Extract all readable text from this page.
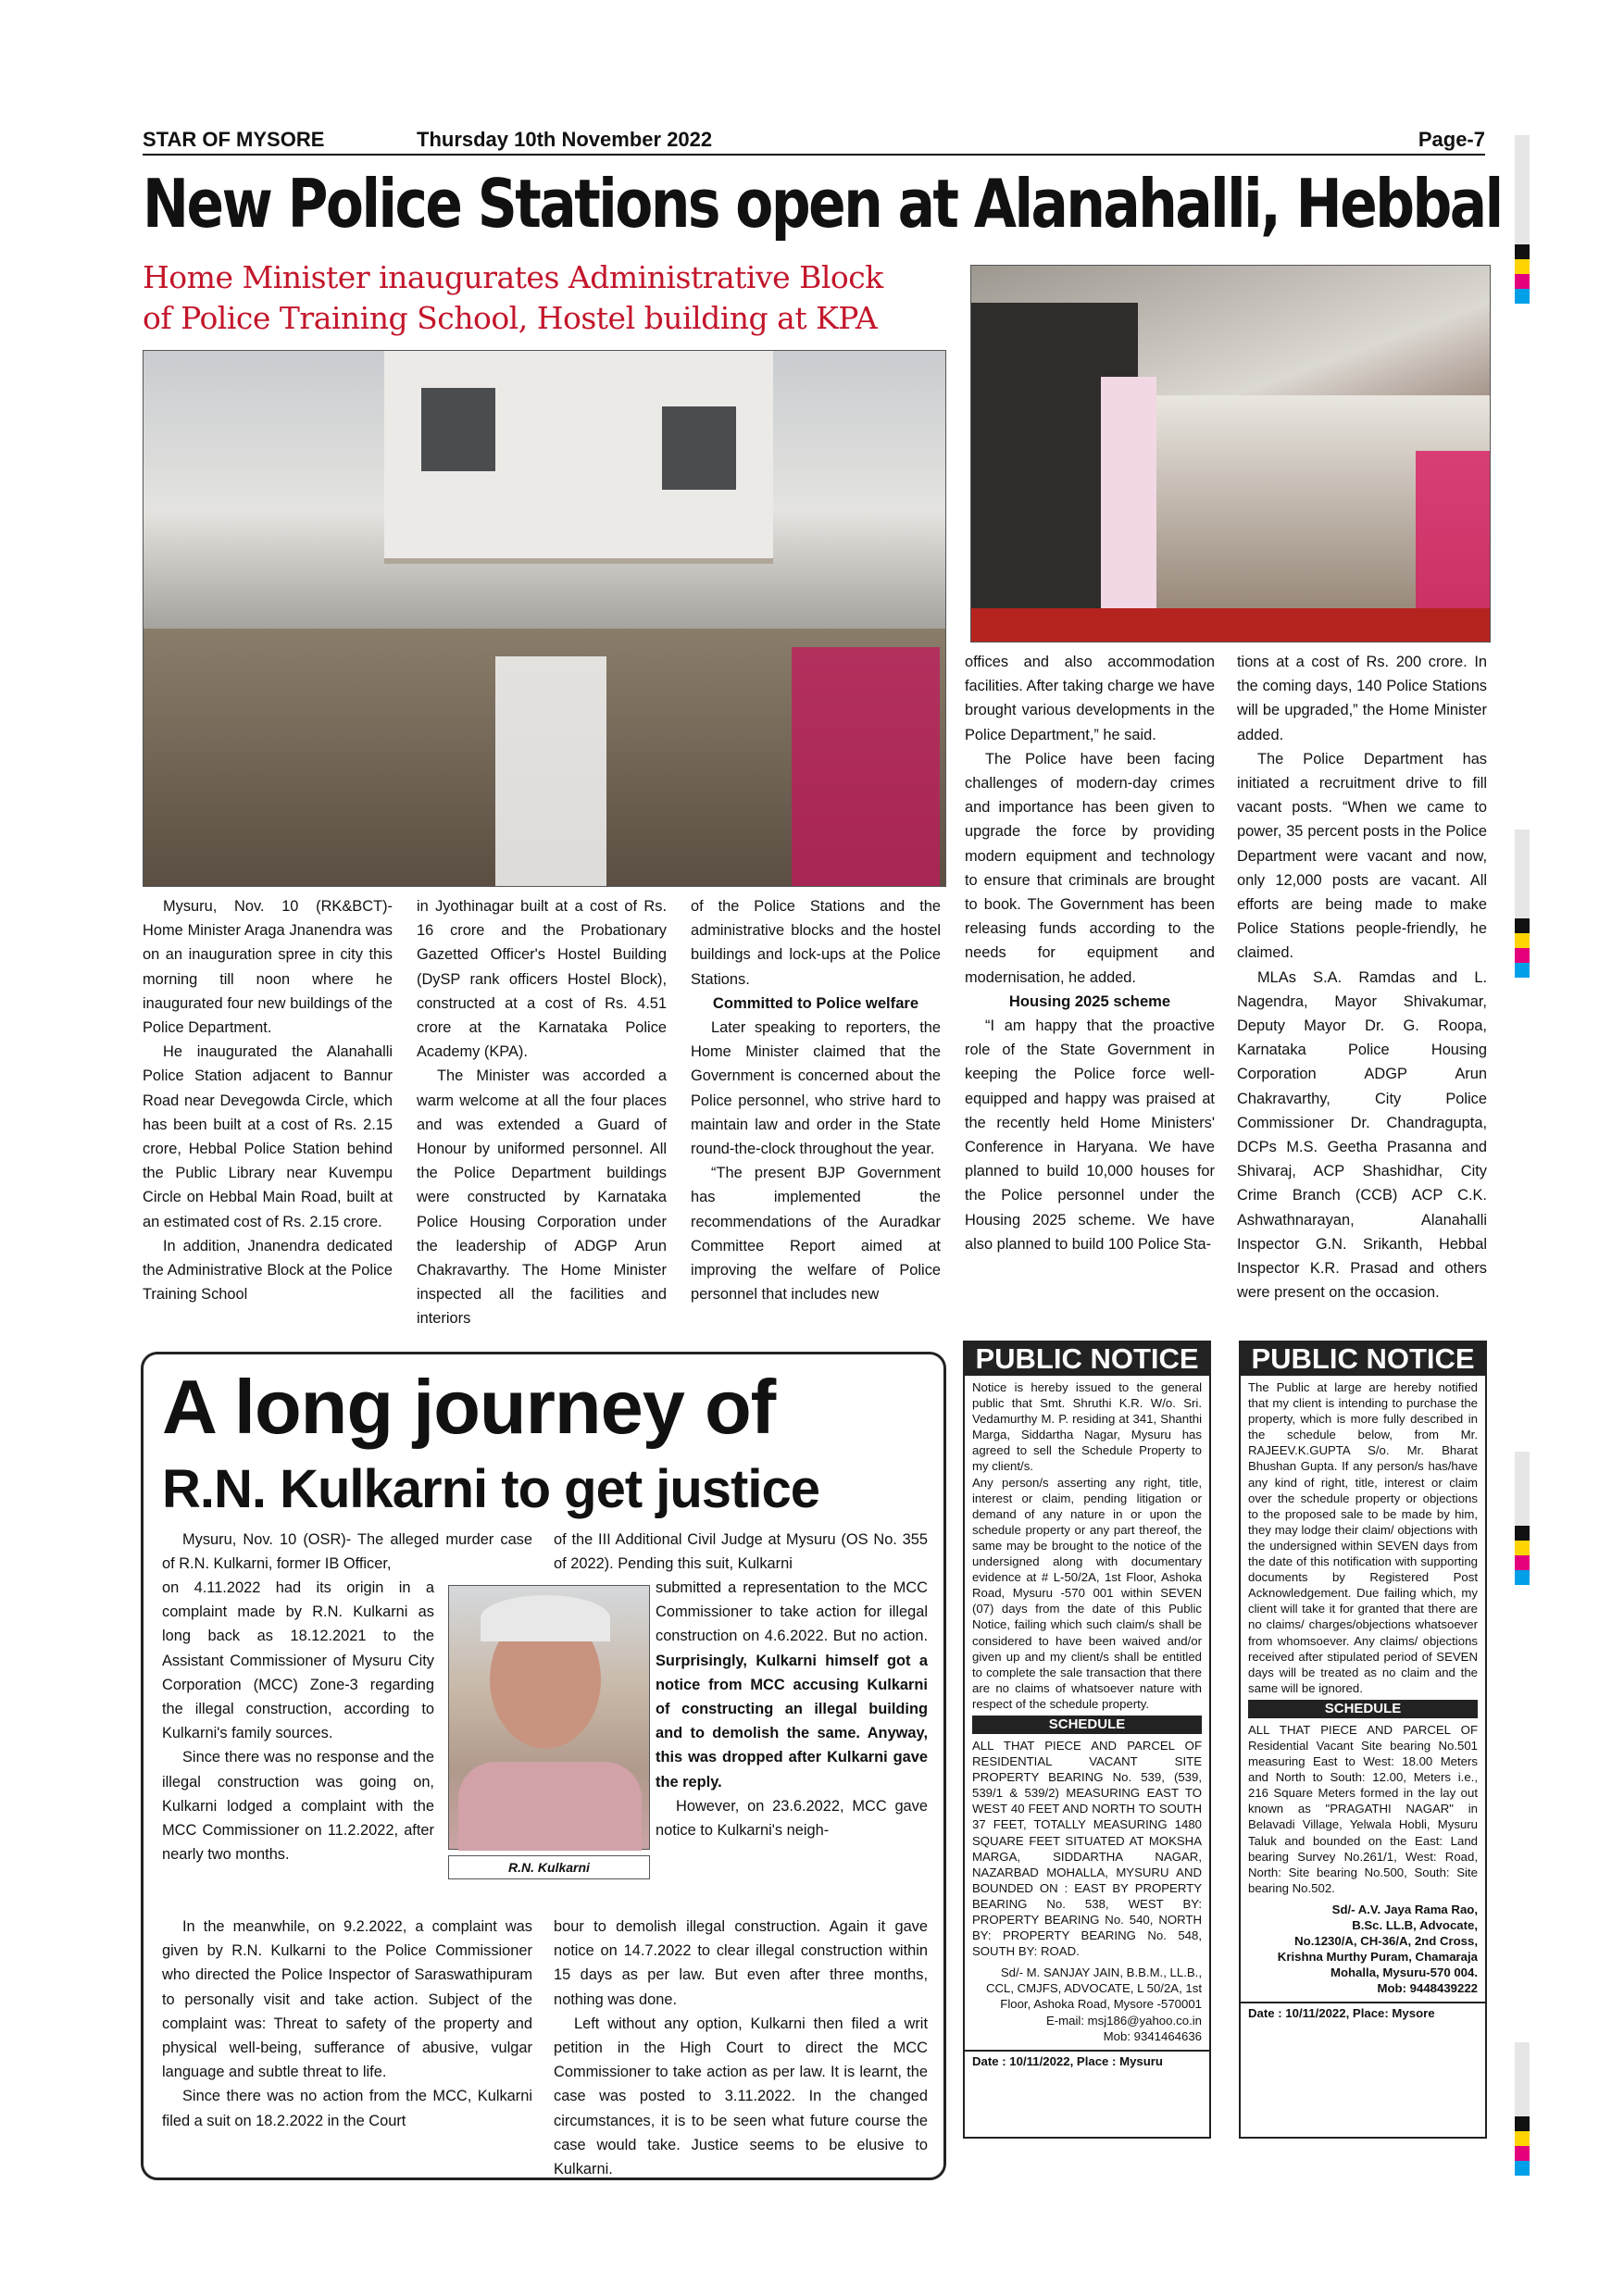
STAR OF MYSORE	Thursday 10th November 2022	Page-7
New Police Stations open at Alanahalli, Hebbal
Home Minister inaugurates Administrative Block
of Police Training School, Hostel building at KPA

Mysuru, Nov. 10 (RK&BCT)- Home Minister Araga Jnanendra was on an inauguration spree in city this morning till noon where he inaugurated four new buildings of the Police Department.

He inaugurated the Alanahalli Police Station adjacent to Bannur Road near Devegowda Circle, which has been built at a cost of Rs. 2.15 crore, Hebbal Police Station behind the Public Library near Kuvempu Circle on Hebbal Main Road, built at an estimated cost of Rs. 2.15 crore.

In addition, Jnanendra dedicated the Administrative Block at the Police Training School

in Jyothinagar built at a cost of Rs. 16 crore and the Probationary Gazetted Officer's Hostel Building (DySP rank officers Hostel Block), constructed at a cost of Rs. 4.51 crore at the Karnataka Police Academy (KPA).

The Minister was accorded a warm welcome at all the four places and was extended a Guard of Honour by uniformed personnel. All the Police Department buildings were constructed by Karnataka Police Housing Corporation under the leadership of ADGP Arun Chakravarthy. The Home Minister inspected all the facilities and interiors

of the Police Stations and the administrative blocks and the hostel buildings and lock-ups at the Police Stations.

Committed to Police welfare

Later speaking to reporters, the Home Minister claimed that the Government is concerned about the Police personnel, who strive hard to maintain law and order in the State round-the-clock throughout the year.

“The present BJP Government has implemented the recommendations of the Auradkar Committee Report aimed at improving the welfare of Police personnel that includes new

offices and also accommodation facilities. After taking charge we have brought various developments in the Police Department,” he said.

The Police have been facing challenges of modern-day crimes and importance has been given to upgrade the force by providing modern equipment and technology to ensure that criminals are brought to book. The Government has been releasing funds according to the needs for equipment and modernisation, he added.

Housing 2025 scheme

“I am happy that the proactive role of the State Government in keeping the Police force well-equipped and happy was praised at the recently held Home Ministers' Conference in Haryana. We have planned to build 10,000 houses for the Police personnel under the Housing 2025 scheme. We have also planned to build 100 Police Sta-

tions at a cost of Rs. 200 crore. In the coming days, 140 Police Stations will be upgraded,” the Home Minister added.

The Police Department has initiated a recruitment drive to fill vacant posts. “When we came to power, 35 percent posts in the Police Department were vacant and now, only 12,000 posts are vacant. All efforts are being made to make Police Stations people-friendly, he claimed.

MLAs S.A. Ramdas and L. Nagendra, Mayor Shivakumar, Deputy Mayor Dr. G. Roopa, Karnataka Police Housing Corporation ADGP Arun Chakravarthy, City Police Commissioner Dr. Chandragupta, DCPs M.S. Geetha Prasanna and Shivaraj, ACP Shashidhar, City Crime Branch (CCB) ACP C.K. Ashwathnarayan, Alanahalli Inspector G.N. Srikanth, Hebbal Inspector K.R. Prasad and others were present on the occasion.

A long journey of
R.N. Kulkarni to get justice

Mysuru, Nov. 10 (OSR)- The alleged murder case of R.N. Kulkarni, former IB Officer,

on 4.11.2022 had its origin in a complaint made by R.N. Kulkarni as long back as 18.12.2021 to the Assistant Commissioner of Mysuru City Corporation (MCC) Zone-3 regarding the illegal construction, according to Kulkarni's family sources.

Since there was no response and the illegal construction was going on, Kulkarni lodged a complaint with the MCC Commissioner on 11.2.2022, after nearly two months.

In the meanwhile, on 9.2.2022, a complaint was given by R.N. Kulkarni to the Police Commissioner who directed the Police Inspector of Saraswathipuram to personally visit and take action. Subject of the complaint was: Threat to safety of the property and physical well-being, sufferance of abusive, vulgar language and subtle threat to life.

Since there was no action from the MCC, Kulkarni filed a suit on 18.2.2022 in the Court

R.N. Kulkarni

of the III Additional Civil Judge at Mysuru (OS No. 355 of 2022). Pending this suit, Kulkarni

submitted a representation to the MCC Commissioner to take action for illegal construction on 4.6.2022. But no action. Surprisingly, Kulkarni himself got a notice from MCC accusing Kulkarni of constructing an illegal building and to demolish the same. Anyway, this was dropped after Kulkarni gave the reply.

However, on 23.6.2022, MCC gave notice to Kulkarni's neigh-

bour to demolish illegal construction. Again it gave notice on 14.7.2022 to clear illegal construction within 15 days as per law. But even after three months, nothing was done.

Left without any option, Kulkarni then filed a writ petition in the High Court to direct the MCC Commissioner to take action as per law. It is learnt, the case was posted to 3.11.2022. In the changed circumstances, it is to be seen what future course the case would take. Justice seems to be elusive to Kulkarni.

PUBLIC NOTICE
Notice is hereby issued to the general public that Smt. Shruthi K.R. W/o. Sri. Vedamurthy M. P. residing at 341, Shanthi Marga, Siddartha Nagar, Mysuru has agreed to sell the Schedule Property to my client/s.
Any person/s asserting any right, title, interest or claim, pending litigation or demand of any nature in or upon the schedule property or any part thereof, the same may be brought to the notice of the undersigned along with documentary evidence at # L-50/2A, 1st Floor, Ashoka Road, Mysuru -570 001 within SEVEN (07) days from the date of this Public Notice, failing which such claim/s shall be considered to have been waived and/or given up and my client/s shall be entitled to complete the sale transaction that there are no claims of whatsoever nature with respect of the schedule property.
SCHEDULE
ALL THAT PIECE AND PARCEL OF RESIDENTIAL VACANT SITE PROPERTY BEARING No. 539, (539, 539/1 & 539/2) MEASURING EAST TO WEST 40 FEET AND NORTH TO SOUTH 37 FEET, TOTALLY MEASURING 1480 SQUARE FEET SITUATED AT MOKSHA MARGA, SIDDARTHA NAGAR, NAZARBAD MOHALLA, MYSURU AND BOUNDED ON : EAST BY PROPERTY BEARING No. 538, WEST BY: PROPERTY BEARING No. 540, NORTH BY: PROPERTY BEARING No. 548, SOUTH BY: ROAD.
Sd/- M. SANJAY JAIN, B.B.M., LL.B.,
CCL, CMJFS, ADVOCATE, L 50/2A, 1st
Floor, Ashoka Road, Mysore -570001
E-mail: msj186@yahoo.co.in
Mob: 9341464636
Date : 10/11/2022, Place : Mysuru
PUBLIC NOTICE
The Public at large are hereby notified that my client is intending to purchase the property, which is more fully described in the schedule below, from Mr. RAJEEV.K.GUPTA S/o. Mr. Bharat Bhushan Gupta. If any person/s has/have any kind of right, title, interest or claim over the schedule property or objections to the proposed sale to be made by him, they may lodge their claim/ objections with the undersigned within SEVEN days from the date of this notification with supporting documents by Registered Post Acknowledgement. Due failing which, my client will take it for granted that there are no claims/ charges/objections whatsoever from whomsoever. Any claims/ objections received after stipulated period of SEVEN days will be treated as no claim and the same will be ignored.
SCHEDULE
ALL THAT PIECE AND PARCEL OF Residential Vacant Site bearing No.501 measuring East to West: 18.00 Meters and North to South: 12.00, Meters i.e., 216 Square Meters formed in the lay out known as "PRAGATHI NAGAR" in Belavadi Village, Yelwala Hobli, Mysuru Taluk and bounded on the East: Land bearing Survey No.261/1, West: Road, North: Site bearing No.500, South: Site bearing No.502.
Sd/- A.V. Jaya Rama Rao,
B.Sc. LL.B, Advocate,
No.1230/A, CH-36/A, 2nd Cross,
Krishna Murthy Puram, Chamaraja
Mohalla, Mysuru-570 004.
Mob: 9448439222
Date : 10/11/2022, Place: Mysore
